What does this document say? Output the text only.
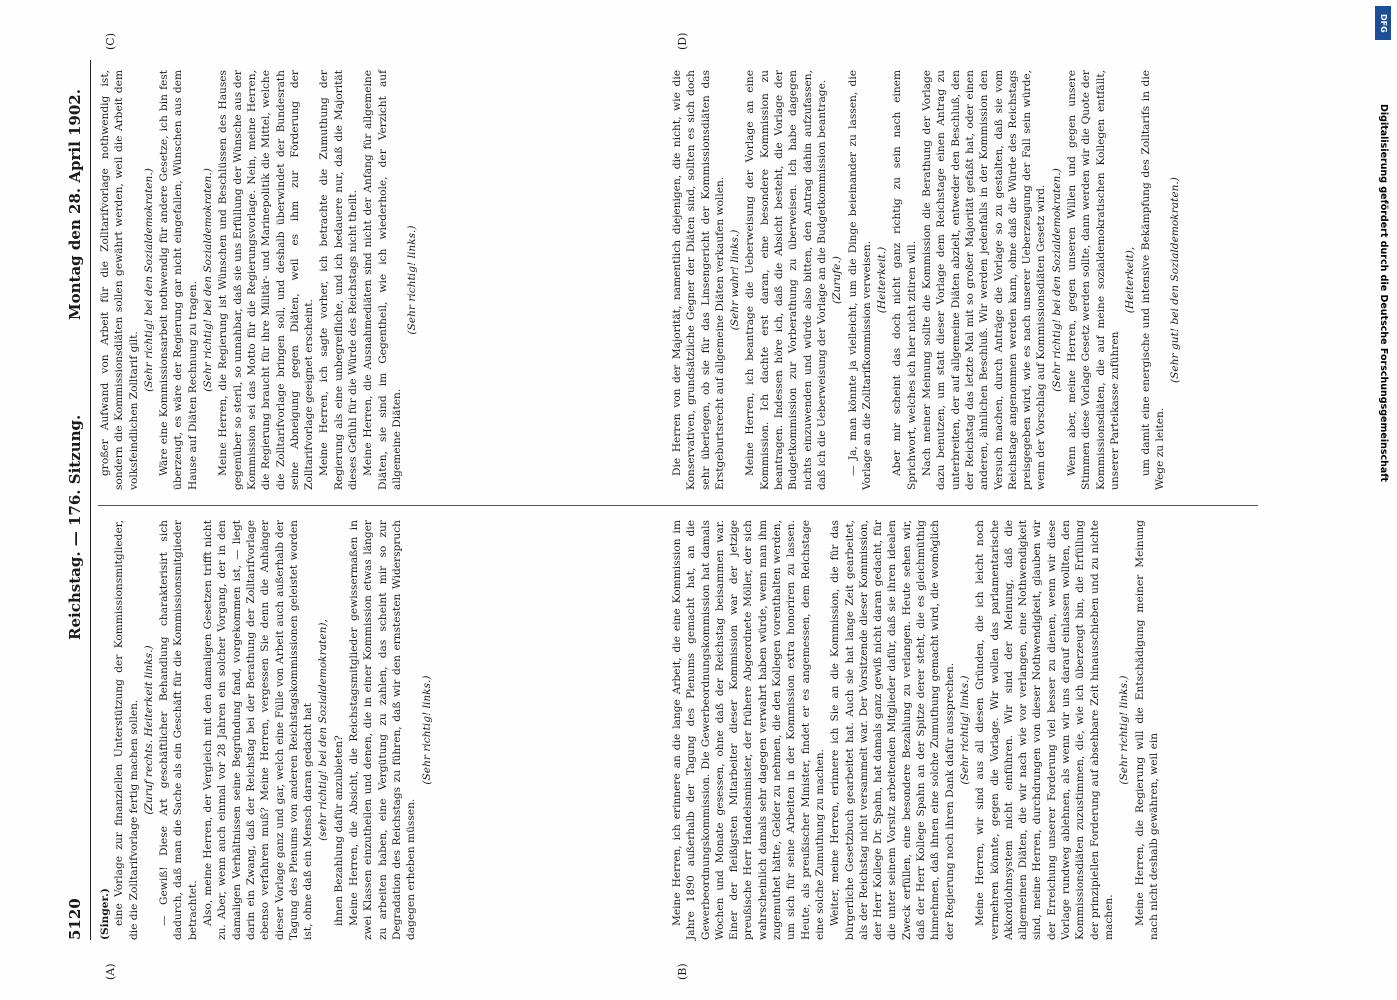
5120
Reichstag. — 176. Sitzung.
Montag den 28. April 1902.
(Singer.) eine Vorlage zur finanziellen Unterstützung der Kommissionsmitglieder, die die Zolltarifvorlage fertig machen sollen. (Zuruf rechts. Heiterkeit links.) — Gewiß! Diese Art geschäftlicher Behandlung charakterisirt sich dadurch, daß man die Sache als ein Geschäft für die Kommissionsmitglieder betrachtet. Also, meine Herren, der Vergleich mit den damaligen Gesetzen trifft nicht zu. Aber, wenn auch einmal vor 28 Jahren ein solcher Vorgang, der in den damaligen Verhältnissen seine Begründung fand, vorgekommen ist, — liegt darin ein Zwang, daß der Reichstag bei der Berathung der Zolltarifvorlage ebenso verfahren muß? Meine Herren, vergessen Sie denn die Anhänger dieser Vorlage ganz und gar, welch eine Fülle von Arbeit auch außerhalb der Tagung des Plenums von anderen Reichstagskommissionen geleistet worden ist, ohne daß ein Mensch daran gedacht hat (sehr richtig! bei den Sozialdemokraten), ihnen Bezahlung dafür anzubieten? Meine Herren, die Absicht, die Reichstagsmitglieder gewissermaßen in zwei Klassen einzutheilen und denen, die in einer Kommission etwas länger zu arbeiten haben, eine Vergütung zu zahlen, das scheint mir so zur Degradation des Reichstags zu führen, daß wir den ernstesten Widerspruch dagegen erheben müssen.

(Sehr richtig! links.)

großer Aufwand von Arbeit für die Zolltarifvorlage nothwendig ist, sondern die Kommissionsdiäten sollen gewährt werden, weil die Arbeit dem volksfeindlichen Zolltarif gilt.

(Sehr richtig! bei den Sozialdemokraten.) Wäre eine Kommissionsarbeit nothwendig für andere Gesetze, ich bin fest überzeugt, es wäre der Regierung gar nicht eingefallen, Wünschen aus dem Hause auf Diäten Rechnung zu tragen. (Sehr richtig! bei den Sozialdemokraten.) Meine Herren, die Regierung ist Wünschen und Beschlüssen des Hauses gegenüber so steril, so unnahbar, daß sie uns Erfüllung der Wünsche aus der Kommission sei das Motto für die Regierungsvorlage. Nein, meine Herren, die Regierung braucht für ihre Militär- und Marinepolitik die Mittel, welche die Zolltarifvorlage bringen soll, und deshalb überwindet der Bundesrath seine Abneigung gegen Diäten, weil es ihm zur Förderung der Zolltarifvorlage geeignet erscheint. Meine Herren, ich sagte vorher, ich betrachte die Zumuthung der Regierung als eine unbegreifliche, und ich bedauere nur, daß die Majorität dieses Gefühl für die Würde des Reichstags nicht theilt. Meine Herren, die Ausnahmediäten sind nicht der Anfang für allgemeine Diäten, sie sind im Gegentheil, wie ich wiederhole, der Verzicht auf allgemeine Diäten.

(Sehr richtig! links.)

Meine Herren, ich erinnere an die lange Arbeit, die eine Kommission im Jahre 1890 außerhalb der Tagung des Plenums gemacht hat, an die Gewerbeordnungskommission. Die Gewerbeordnungskommission hat damals Wochen und Monate gesessen, ohne daß der Reichstag beisammen war. Einer der fleißigsten Mitarbeiter dieser Kommission war der jetzige preußische Herr Handelsminister, der frühere Abgeordnete Möller, der sich wahrscheinlich damals sehr dagegen verwahrt haben würde, wenn man ihm zugemuthet hätte, Gelder zu nehmen, die den Kollegen vorenthalten werden, um sich für seine Arbeiten in der Kommission extra honoriren zu lassen. Heute, als preußischer Minister, findet er es angemessen, dem Reichstage eine solche Zumuthung zu machen. Weiter, meine Herren, erinnere ich Sie an die Kommission, die für das bürgerliche Gesetzbuch gearbeitet hat. Auch sie hat lange Zeit gearbeitet, als der Reichstag nicht versammelt war. Der Vorsitzende dieser Kommission, der Herr Kollege Dr. Spahn, hat damals ganz gewiß nicht daran gedacht, für die unter seinem Vorsitz arbeitenden Mitglieder dafür, daß sie ihren idealen Zweck erfüllen, eine besondere Bezahlung zu verlangen. Heute sehen wir, daß der Herr Kollege Spahn an der Spitze derer steht, die es gleichmüthig hinnehmen, daß ihnen eine solche Zumuthung gemacht wird, die womöglich der Regierung noch ihren Dank dafür aussprechen. (Sehr richtig! links.) Meine Herren, wir sind aus all diesen Gründen, die ich leicht noch vermehren könnte, gegen die Vorlage. Wir wollen das parlamentarische Akkordlohnsystem nicht einführen. Wir sind der Meinung, daß die allgemeinen Diäten, die wir nach wie vor verlangen, eine Nothwendigkeit sind, meine Herren, durchdrungen von dieser Nothwendigkeit, glauben wir der Erreichung unserer Forderung viel besser zu dienen, wenn wir diese Vorlage rundweg ablehnen, als wenn wir uns darauf einlassen wollten, den Kommissionsdiäten zuzustimmen, die, wie ich überzeugt bin, die Erfüllung der prinzipiellen Forderung auf absehbare Zeit hinausschieben und zu nichte machen.

(Sehr richtig! links.) Meine Herren, die Regierung will die Entschädigung meiner Meinung nach nicht deshalb gewähren, weil ein

Die Herren von der Majorität, namentlich diejenigen, die nicht, wie die Konservativen, grundsätzliche Gegner der Diäten sind, sollten es sich doch sehr überlegen, ob sie für das Linsengericht der Kommissionsdiäten das Erstgeburtsrecht auf allgemeine Diäten verkaufen wollen. (Sehr wahr! links.) Meine Herren, ich beantrage die Ueberweisung der Vorlage an eine Kommission. Ich dachte erst daran, eine besondere Kommission zu beantragen. Indessen höre ich, daß die Absicht besteht, die Vorlage der Budgetkommission zur Vorberathung zu überweisen. Ich habe dagegen nichts einzuwenden und würde also bitten, den Antrag dahin aufzufassen, daß ich die Ueberweisung der Vorlage an die Budgetkommission beantrage. (Zurufe.) — Ja, man könnte ja vielleicht, um die Dinge beieinander zu lassen, die Vorlage an die Zolltarifkommission verweisen. (Heiterkeit.) Aber mir scheint das doch nicht ganz richtig zu sein nach einem Sprichwort, welches ich hier nicht zitiren will. Nach meiner Meinung sollte die Kommission die Berathung der Vorlage dazu benutzen, um statt dieser Vorlage dem Reichstage einen Antrag zu unterbreiten, der auf allgemeine Diäten abzielt, entweder den Beschluß, den der Reichstag das letzte Mal mit so großer Majorität gefaßt hat, oder einen anderen, ähnlichen Beschluß. Wir werden jedenfalls in der Kommission den Versuch machen, durch Anträge die Vorlage so zu gestalten, daß sie vom Reichstage angenommen werden kann, ohne daß die Würde des Reichstags preisgegeben wird, wie es nach unserer Ueberzeugung der Fall sein würde, wenn der Vorschlag auf Kommissionsdiäten Gesetz wird. (Sehr richtig! bei den Sozialdemokraten.) Wenn aber, meine Herren, gegen unseren Willen und gegen unsere Stimmen diese Vorlage Gesetz werden sollte, dann werden wir die Quote der Kommissionsdiäten, die auf meine sozialdemokratischen Kollegen entfällt, unserer Parteikasse zuführen

(Heiterkeit), um damit eine energische und intensive Bekämpfung des Zolltarifs in die Wege zu leiten.

(Sehr gut! bei den Sozialdemokraten.)

(A)	(B)
(C)	(D)
Digitalisierung gefördert durch die Deutsche Forschungsgemeinschaft
DFG
